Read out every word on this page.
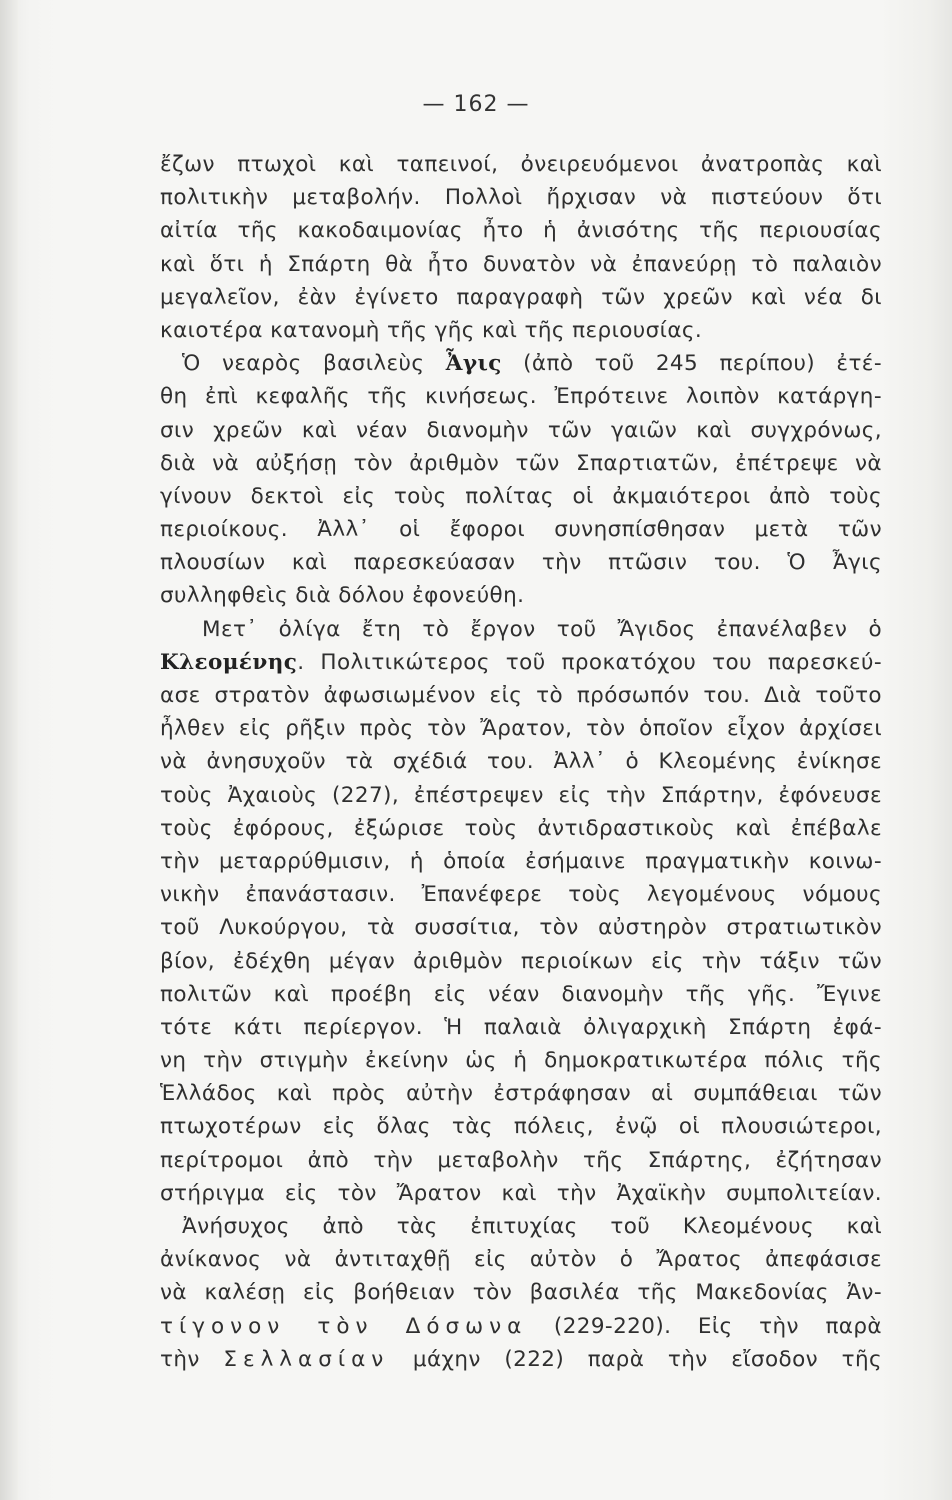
— 162 —
ἔζων πτωχοὶ καὶ ταπεινοί, ὀνειρευόμενοι ἀνατροπὰς καὶ
πολιτικὴν μεταβολήν. Πολλοὶ ἤρχισαν νὰ πιστεύουν ὅτι
αἰτία τῆς κακοδαιμονίας ἦτο ἡ ἀνισότης τῆς περιουσίας
καὶ ὅτι ἡ Σπάρτη θὰ ἦτο δυνατὸν νὰ ἐπανεύρῃ τὸ παλαιὸν
μεγαλεῖον, ἐὰν ἐγίνετο παραγραφὴ τῶν χρεῶν καὶ νέα δι
καιοτέρα κατανομὴ τῆς γῆς καὶ τῆς περιουσίας.
Ὁ νεαρὸς βασιλεὺς Ἆγις (ἀπὸ τοῦ 245 περίπου) ἐτέ-
θη ἐπὶ κεφαλῆς τῆς κινήσεως. Ἐπρότεινε λοιπὸν κατάργη-
σιν χρεῶν καὶ νέαν διανομὴν τῶν γαιῶν καὶ συγχρόνως,
διὰ νὰ αὐξήσῃ τὸν ἀριθμὸν τῶν Σπαρτιατῶν, ἐπέτρεψε νὰ
γίνουν δεκτοὶ εἰς τοὺς πολίτας οἱ ἀκμαιότεροι ἀπὸ τοὺς
περιοίκους. Ἀλλ᾿ οἱ ἔφοροι συνησπίσθησαν μετὰ τῶν
πλουσίων καὶ παρεσκεύασαν τὴν πτῶσιν του. Ὁ Ἆγις
συλληφθεὶς διὰ δόλου ἐφονεύθη.
Μετ᾿ ὀλίγα ἔτη τὸ ἔργον τοῦ Ἄγιδος ἐπανέλαβεν ὁ
Κλεομένης. Πολιτικώτερος τοῦ προκατόχου του παρεσκεύ-
ασε στρατὸν ἀφωσιωμένον εἰς τὸ πρόσωπόν του. Διὰ τοῦτο
ἦλθεν εἰς ρῆξιν πρὸς τὸν Ἄρατον, τὸν ὁποῖον εἶχον ἀρχίσει
νὰ ἀνησυχοῦν τὰ σχέδιά του. Ἀλλ᾿ ὁ Κλεομένης ἐνίκησε
τοὺς Ἀχαιοὺς (227), ἐπέστρεψεν εἰς τὴν Σπάρτην, ἐφόνευσε
τοὺς ἐφόρους, ἐξώρισε τοὺς ἀντιδραστικοὺς καὶ ἐπέβαλε
τὴν μεταρρύθμισιν, ἡ ὁποία ἐσήμαινε πραγματικὴν κοινω-
νικὴν ἐπανάστασιν. Ἐπανέφερε τοὺς λεγομένους νόμους
τοῦ Λυκούργου, τὰ συσσίτια, τὸν αὐστηρὸν στρατιωτικὸν
βίον, ἐδέχθη μέγαν ἀριθμὸν περιοίκων εἰς τὴν τάξιν τῶν
πολιτῶν καὶ προέβη εἰς νέαν διανομὴν τῆς γῆς. Ἔγινε
τότε κάτι περίεργον. Ἡ παλαιὰ ὀλιγαρχικὴ Σπάρτη ἐφά-
νη τὴν στιγμὴν ἐκείνην ὡς ἡ δημοκρατικωτέρα πόλις τῆς
Ἑλλάδος καὶ πρὸς αὐτὴν ἐστράφησαν αἱ συμπάθειαι τῶν
πτωχοτέρων εἰς ὅλας τὰς πόλεις, ἐνῷ οἱ πλουσιώτεροι,
περίτρομοι ἀπὸ τὴν μεταβολὴν τῆς Σπάρτης, ἐζήτησαν
στήριγμα εἰς τὸν Ἄρατον καὶ τὴν Ἀχαϊκὴν συμπολιτείαν.
Ἀνήσυχος ἀπὸ τὰς ἐπιτυχίας τοῦ Κλεομένους καὶ
ἀνίκανος νὰ ἀντιταχθῇ εἰς αὐτὸν ὁ Ἄρατος ἀπεφάσισε
νὰ καλέσῃ εἰς βοήθειαν τὸν βασιλέα τῆς Μακεδονίας Ἀν-
τίγονον τὸν Δόσωνα (229-220). Εἰς τὴν παρὰ
τὴν Σελλασίαν μάχην (222) παρὰ τὴν εἴσοδον τῆς
